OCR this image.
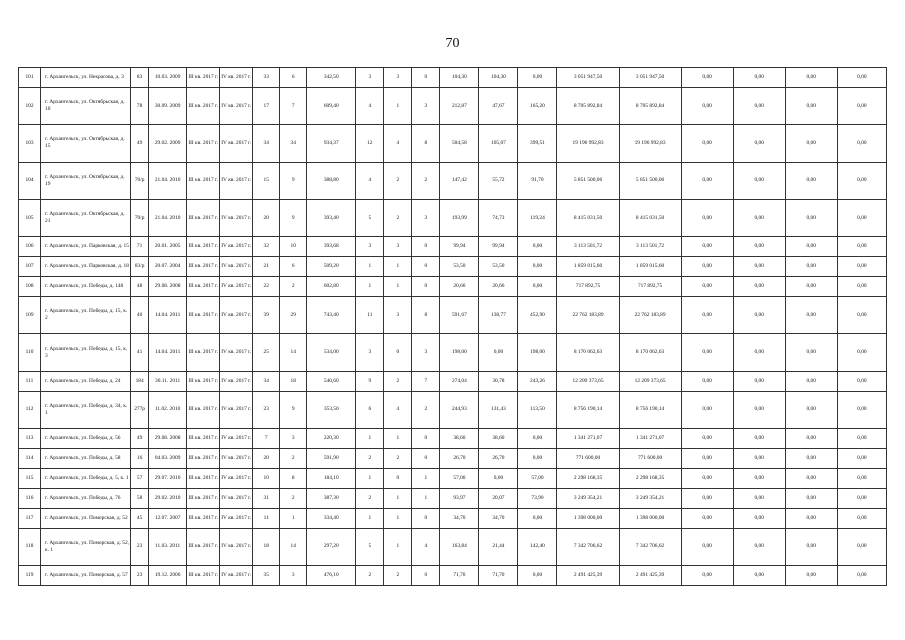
70
101	г. Архангельск, ул. Некрасова, д. 3	83	10.03. 2009	III кв. 2017 г.	IV кв. 2017 г.	33	6	342,50	3	3	0	104,30	104,30	0,00	3 051 947,50	3 051 947,50	0,00	0,00	0,00	0,00
102	г. Архангельск, ул. Октябрьская, д. 10	78	30.09. 2009	III кв. 2017 г.	IV кв. 2017 г.	17	7	609,40	4	1	3	212,87	47,67	165,20	8 705 892,84	8 705 892,84	0,00	0,00	0,00	0,00
103	г. Архангельск, ул. Октябрьская, д. 15	49	29.02. 2009	III кв. 2017 г.	IV кв. 2017 г.	34	34	934,37	12	4	8	504,58	105,07	399,51	19 196 992,83	19 196 992,83	0,00	0,00	0,00	0,00
104	г. Архангельск, ул. Октябрьская, д. 19	70/р	21.04. 2010	III кв. 2017 г.	IV кв. 2017 г.	15	9	388,80	4	2	2	147,42	55,72	91,70	5 851 500,06	5 851 500,06	0,00	0,00	0,00	0,00
105	г. Архангельск, ул. Октябрьская, д. 21	70/р	21.04. 2010	III кв. 2017 г.	IV кв. 2017 г.	20	9	393,40	5	2	3	193,99	74,73	119,24	8 415 031,50	8 415 031,50	0,00	0,00	0,00	0,00
106	г. Архангельск, ул. Парковская, д. 15	71	20.01. 2005	III кв. 2017 г.	IV кв. 2017 г.	32	10	393,68	3	3	0	99,94	99,94	0,00	3 113 501,72	3 113 501,72	0,00	0,00	0,00	0,00
107	г. Архангельск, ул. Парковская, д. 18	83/р	20.07. 2004	III кв. 2017 г.	IV кв. 2017 г.	21	6	509,20	1	1	0	53,50	53,50	0,00	1 859 015,60	1 859 015,60	0,00	0,00	0,00	0,00
108	г. Архангельск, ул. Победы, д. 148	48	29.08. 2008	III кв. 2017 г.	IV кв. 2017 г.	22	2	602,80	1	1	0	20,66	20,66	0,00	717 892,75	717 892,75	0,00	0,00	0,00	0,00
109	г. Архангельск, ул. Победы, д. 15, к. 2	40	14.04. 2011	III кв. 2017 г.	IV кв. 2017 г.	39	29	743,40	11	3	8	591,67	138,77	452,90	22 762 183,89	22 762 183,89	0,00	0,00	0,00	0,00
110	г. Архангельск, ул. Победы, д. 15, к. 3	41	14.04. 2011	III кв. 2017 г.	IV кв. 2017 г.	25	14	534,00	3	0	3	198,00	0,00	198,00	8 170 062,63	8 170 062,63	0,00	0,00	0,00	0,00
111	г. Архангельск, ул. Победы, д. 24	184	30.11. 2011	III кв. 2017 г.	IV кв. 2017 г.	34	18	540,60	9	2	7	274,04	30,78	243,26	12 209 373,65	12 209 373,65	0,00	0,00	0,00	0,00
112	г. Архангельск, ул. Победы, д. 34, к. 1	277р	11.02. 2010	III кв. 2017 г.	IV кв. 2017 г.	23	9	353,50	6	4	2	244,93	131,43	113,50	8 756 190,14	8 756 190,14	0,00	0,00	0,00	0,00
113	г. Архангельск, ул. Победы, д. 56	49	29.08. 2008	III кв. 2017 г.	IV кв. 2017 г.	7	3	220,30	1	1	0	38,60	38,60	0,00	1 341 271,07	1 341 271,07	0,00	0,00	0,00	0,00
114	г. Архангельск, ул. Победы, д. 58	16	04.03. 2009	III кв. 2017 г.	IV кв. 2017 г.	20	2	591,90	2	2	0	26,70	26,70	0,00	771 600,00	771 600,00	0,00	0,00	0,00	0,00
115	г. Архангельск, ул. Победы, д. 5, к. 1	57	29.07. 2010	III кв. 2017 г.	IV кв. 2017 г.	10	8	184,10	1	0	1	57,00	0,00	57,00	2 298 168,35	2 298 168,35	0,00	0,00	0,00	0,00
116	г. Архангельск, ул. Победы, д. 76	58	29.02. 2010	III кв. 2017 г.	IV кв. 2017 г.	31	2	387,30	2	1	1	93,97	20,07	73,90	3 249 354,21	3 249 354,21	0,00	0,00	0,00	0,00
117	г. Архангельск, ул. Поморская, д. 52	45	12.07. 2007	III кв. 2017 г.	IV кв. 2017 г.	11	1	334,40	1	1	0	34,70	34,70	0,00	1 398 000,00	1 398 000,00	0,00	0,00	0,00	0,00
118	г. Архангельск, ул. Поморская, д. 52, к. 1	23	11.03. 2011	III кв. 2017 г.	IV кв. 2017 г.	18	14	297,20	5	1	4	163,84	21,44	142,40	7 342 706,62	7 342 706,62	0,00	0,00	0,00	0,00
119	г. Архангельск, ул. Поморская, д. 57	23	19.12. 2006	III кв. 2017 г.	IV кв. 2017 г.	35	3	476,10	2	2	0	71,70	71,70	0,00	2 491 425,39	2 491 425,39	0,00	0,00	0,00	0,00
